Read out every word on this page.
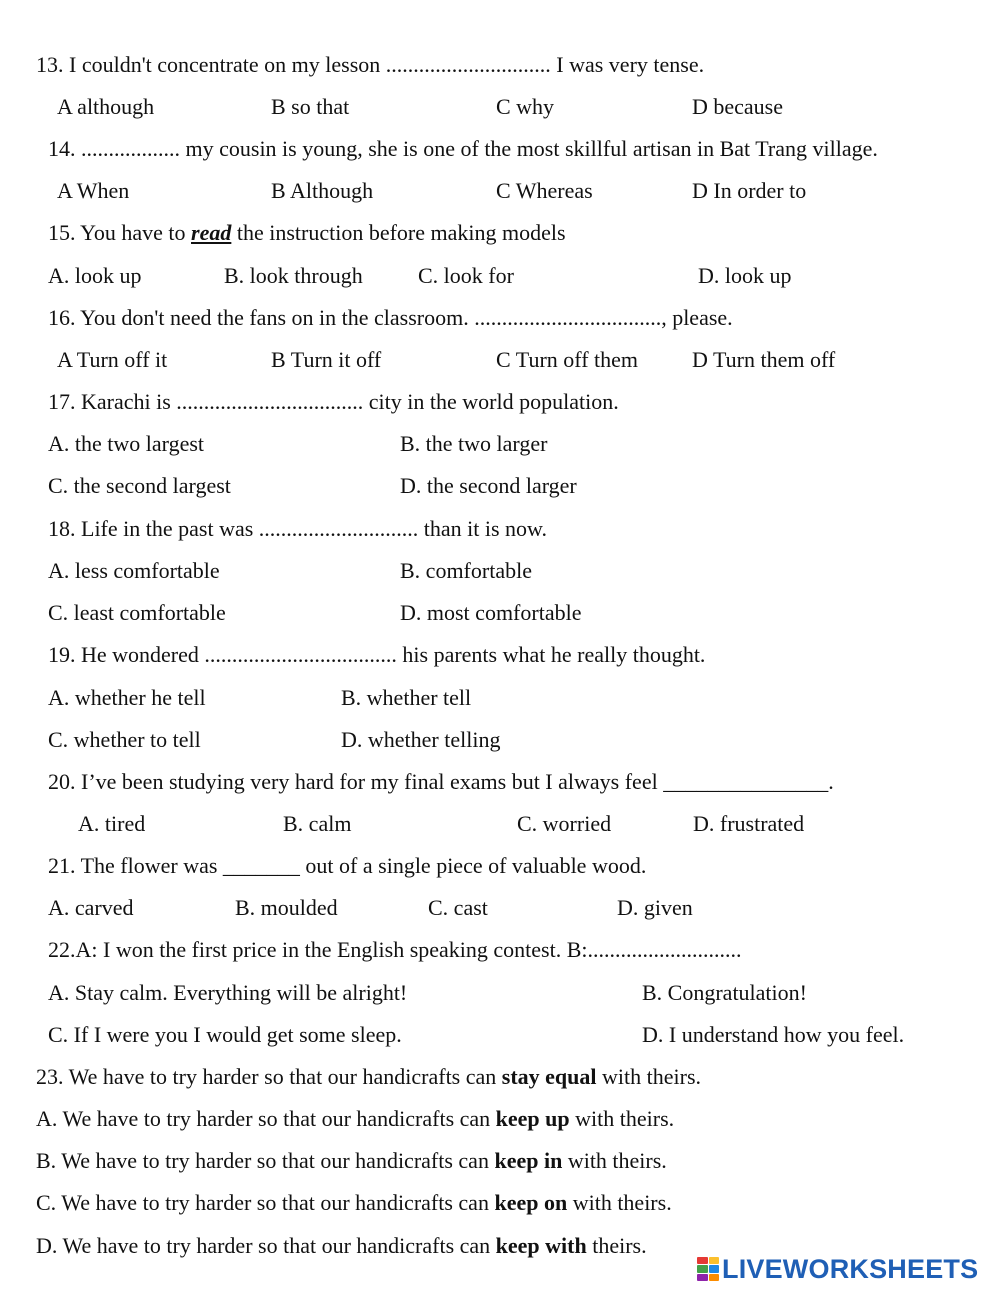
13. I couldn't concentrate on my lesson .............................. I was very tense.
A although	B so that	C why	D because
14. .................. my cousin is young, she is one of the most skillful artisan in Bat Trang village.
A When	B Although	C Whereas	D In order to
15. You have to read the instruction before making models
A. look up	B. look through	C. look for	D. look up
16. You don't need the fans on in the classroom. .................................., please.
A Turn off it	B Turn it off	C Turn off them D Turn them off
17. Karachi is .................................. city in the world population.
A. the two largest	B. the two larger
C. the second largest	D. the second larger
18. Life in the past was ............................. than it is now.
A. less comfortable	B. comfortable
C. least comfortable	D. most comfortable
19. He wondered ................................... his parents what he really thought.
A. whether he tell	B. whether tell
C. whether to tell	D. whether telling
20. I’ve been studying very hard for my final exams but I always feel _______________.
A. tired	B. calm	C. worried	D. frustrated
21. The flower was _______ out of a single piece of valuable wood.
A. carved	B. moulded	C. cast	D. given
22.A: I won the first price in the English speaking contest. B:............................
A. Stay calm. Everything will be alright!	B. Congratulation!
C. If I were you I would get some sleep.	D. I understand how you feel.
23. We have to try harder so that our handicrafts can stay equal with theirs.
A. We have to try harder so that our handicrafts can keep up with theirs.
B. We have to try harder so that our handicrafts can keep in with theirs.
C. We have to try harder so that our handicrafts can keep on with theirs.
D. We have to try harder so that our handicrafts can keep with theirs.
LIVEWORKSHEETS
